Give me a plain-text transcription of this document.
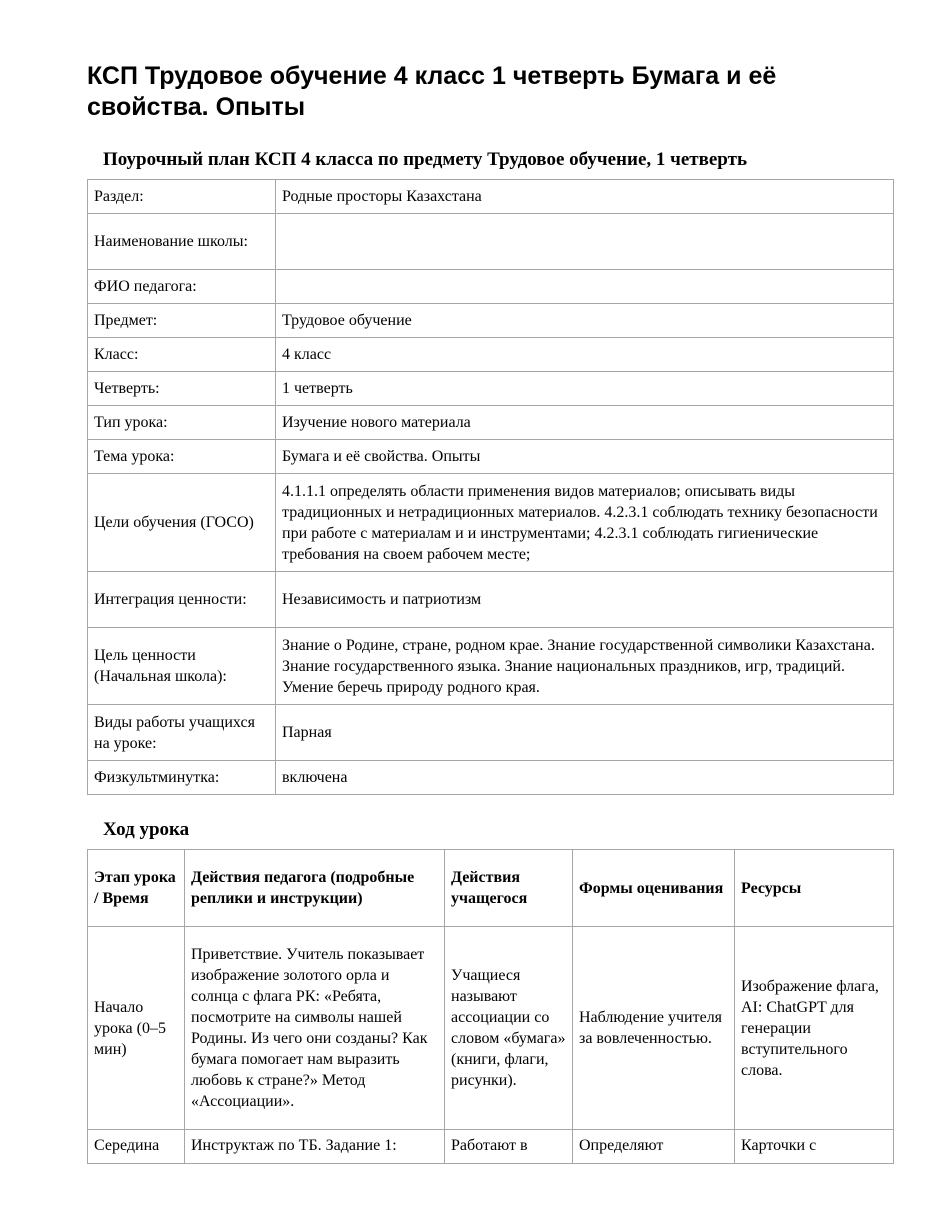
КСП Трудовое обучение 4 класс 1 четверть Бумага и её свойства. Опыты
Поурочный план КСП 4 класса по предмету Трудовое обучение, 1 четверть
Раздел:	Родные просторы Казахстана
Наименование школы:	
ФИО педагога:	
Предмет:	Трудовое обучение
Класс:	4 класс
Четверть:	1 четверть
Тип урока:	Изучение нового материала
Тема урока:	Бумага и её свойства. Опыты
Цели обучения (ГОСО)	4.1.1.1 определять области применения видов материалов; описывать виды традиционных и нетрадиционных материалов. 4.2.3.1 соблюдать технику безопасности при работе с материалам и и инструментами; 4.2.3.1 соблюдать гигиенические требования на своем рабочем месте;
Интеграция ценности:	Независимость и патриотизм
Цель ценности (Начальная школа):	Знание о Родине, стране, родном крае. Знание государственной символики Казахстана. Знание государственного языка. Знание национальных праздников, игр, традиций. Умение беречь природу родного края.
Виды работы учащихся на уроке:	Парная
Физкультминутка:	включена
Ход урока
Этап урока / Время	Действия педагога (подробные реплики и инструкции)	Действия учащегося	Формы оценивания	Ресурсы
Начало урока (0–5 мин)	Приветствие. Учитель показывает изображение золотого орла и солнца с флага РК: «Ребята, посмотрите на символы нашей Родины. Из чего они созданы? Как бумага помогает нам выразить любовь к стране?» Метод «Ассоциации».	Учащиеся называют ассоциации со словом «бумага» (книги, флаги, рисунки).	Наблюдение учителя за вовлеченностью.	Изображение флага, AI: ChatGPT для генерации вступительного слова.
Середина	Инструктаж по ТБ. Задание 1:	Работают в	Определяют	Карточки с
